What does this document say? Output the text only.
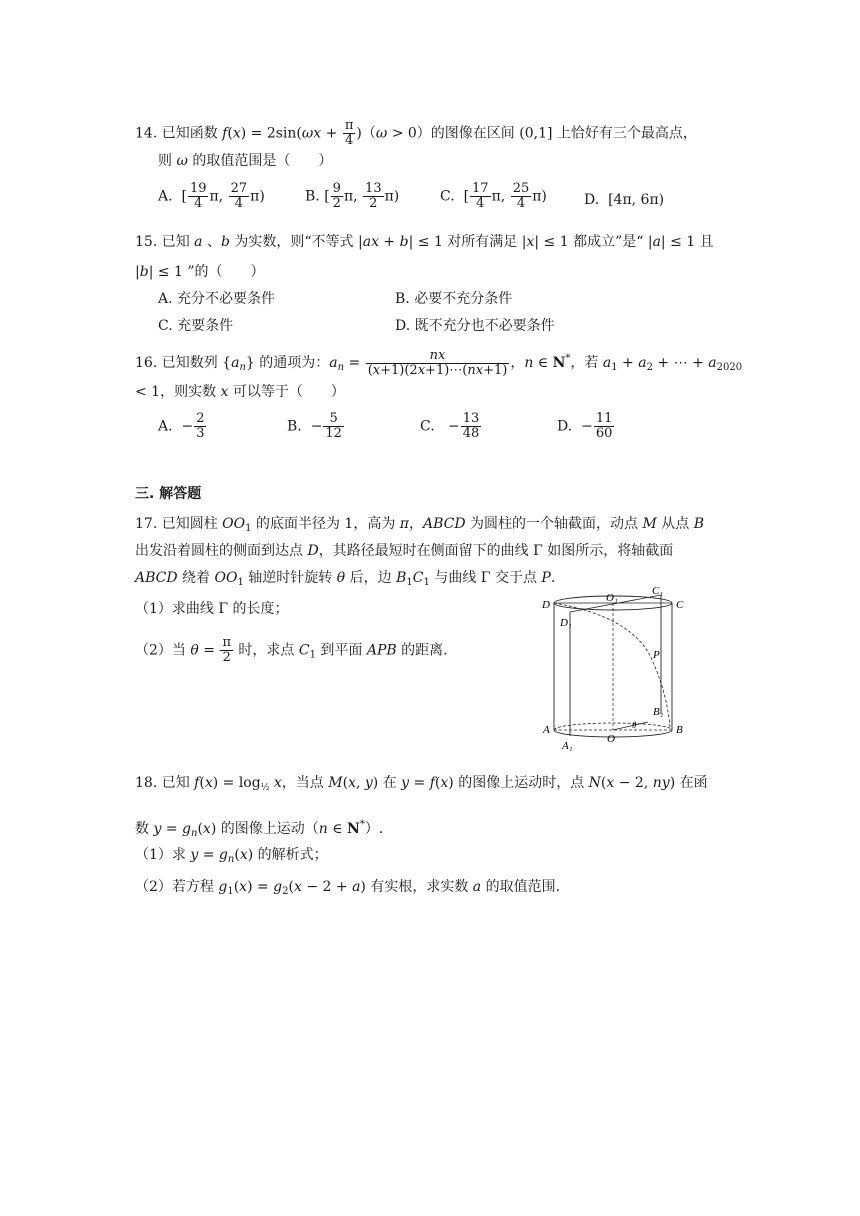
14. 已知函数 $f(x) = 2\sin(\omega x + \frac{\pi}{4} )(\omega > 0)$的图像在区间 (0,1] 上恰好有三个最高点，
则 ω 的取值范围是（　　）
A.  [ $\frac{19}{4} \pi$, $\frac{27}{4} \pi$)	B. [ $\frac{9}{2} \pi$, $\frac{13}{2} \pi$)	C.  [ $\frac{17}{4} \pi$, $\frac{25}{4} \pi$)	D.  [4π, 6π)
15. 已知 a 、b 为实数，则“不等式 |ax + b| ≤ 1 对所有满足 |x| ≤ 1 都成立”是“ |a| ≤ 1 且
|b| ≤ 1 ”的（　　）
A. 充分不必要条件	B. 必要不充分条件
C. 充要条件	D. 既不充分也不必要条件
16. 已知数列 $\{a_n\}$ 的通项为：$a_n = \frac{nx}{(x+1)(2x+1)\cdots(nx+1)}$ ，n ∈ N*，若 $a_1 + a_2$ + ⋯ + $a_{2020}$
< 1，则实数 x 可以等于（　　）
A.  − $\frac{2}{3}$	B.  − $\frac{5}{12}$	C.   − $\frac{13}{48}$	D.  − $\frac{11}{60}$
三. 解答题
17. 已知圆柱 $OO_1$ 的底面半径为 1，高为 π，ABCD 为圆柱的一个轴截面，动点 M 从点 B
出发沿着圆柱的侧面到达点 D，其路径最短时在侧面留下的曲线 Γ 如图所示，将轴截面
ABCD 绕着 $OO_1$ 轴逆时针旋转 θ 后，边 $B_1C_1$ 与曲线 Γ 交于点 P.
（1）求曲线 Γ 的长度；
（2）当 $\theta = \frac{\pi}{2}$ 时，求点 $C_1$ 到平面 APB 的距离.
D
D₁
O₁
C₁
C
P
B₁
θ
A	B
O
A₁
18. 已知 $f(x) = \log_{\frac{1}{2}} x$，当点 M(x, y) 在 y = f(x) 的图像上运动时，点 N(x − 2, ny) 在函
数 $y = g_n(x)$ 的图像上运动（n ∈ N*）.
（1）求 $y = g_n(x)$ 的解析式；
（2）若方程 $g_1(x) = g_2(x - 2 + a)$ 有实根，求实数 a 的取值范围.
